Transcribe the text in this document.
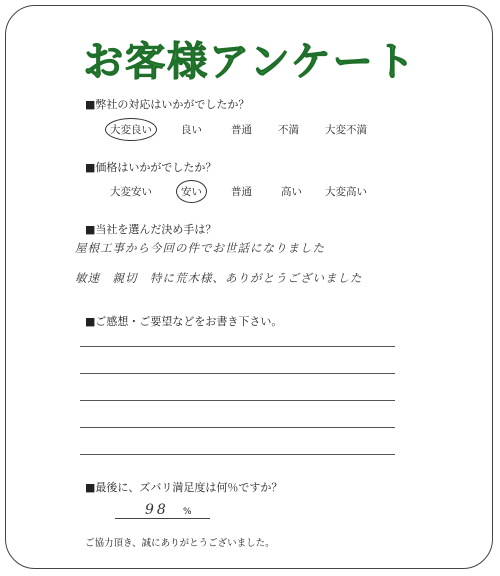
お客様アンケート
■弊社の対応はいかがでしたか？
大変良い	良い	普通 不満 大変不満
■価格はいかがでしたか？
大変安い	安い	普通	高い 大変高い
■当社を選んだ決め手は？
屋根工事から今回の件でお世話になりました
敏速　親切　特に荒木様、ありがとうございました
■ご感想・ご要望などをお書き下さい。
■最後に、ズバリ満足度は何％ですか？
98 %
ご協力頂き、誠にありがとうございました。
